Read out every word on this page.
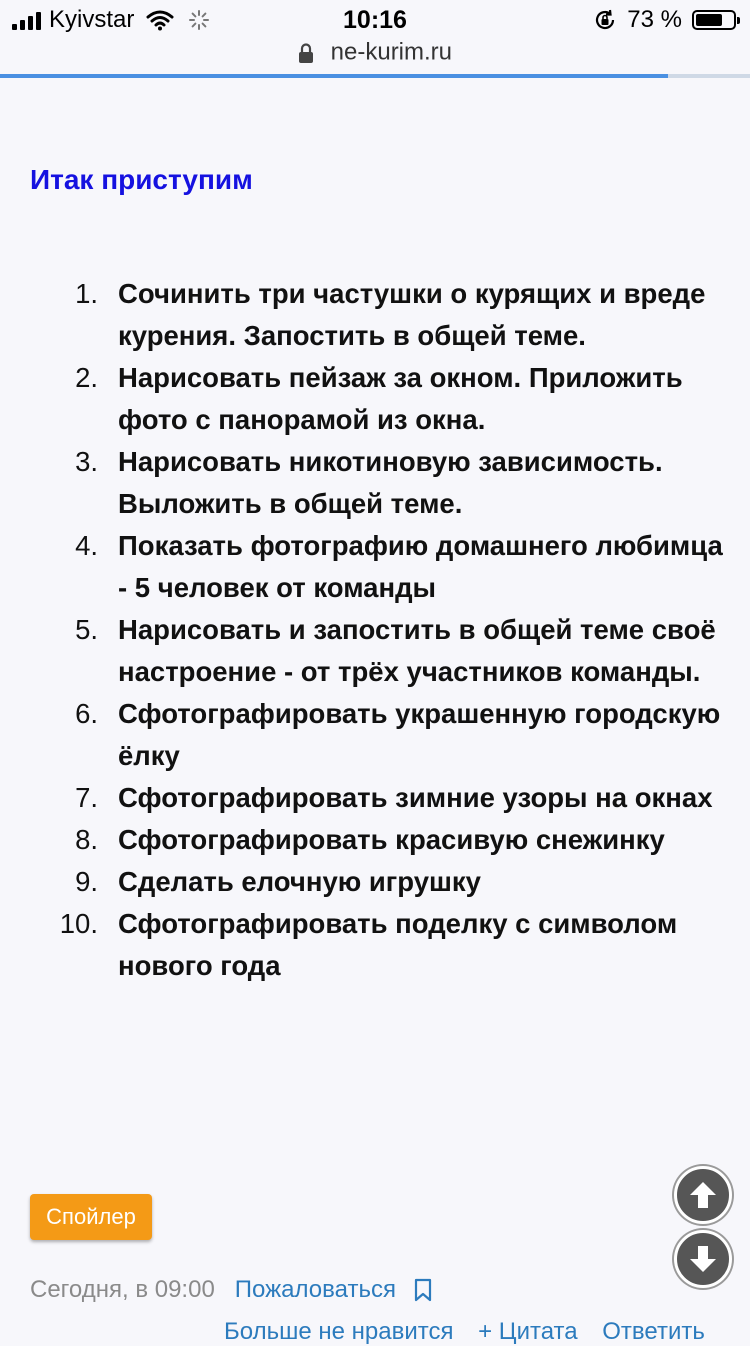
Kyivstar	10:16	73 %
ne-kurim.ru
Итак приступим
1. Сочинить три частушки о курящих и вреде курения. Запостить в общей теме.
2. Нарисовать пейзаж за окном. Приложить фото с панорамой из окна.
3. Нарисовать никотиновую зависимость. Выложить в общей теме.
4. Показать фотографию домашнего любимца - 5 человек от команды
5. Нарисовать и запостить в общей теме своё настроение - от трёх участников команды.
6. Сфотографировать украшенную городскую ёлку
7. Сфотографировать зимние узоры на окнах
8. Сфотографировать красивую снежинку
9. Сделать елочную игрушку
10. Сфотографировать поделку с символом нового года
Спойлер
Сегодня, в 09:00 Пожаловаться
Больше не нравится + Цитата Ответить
